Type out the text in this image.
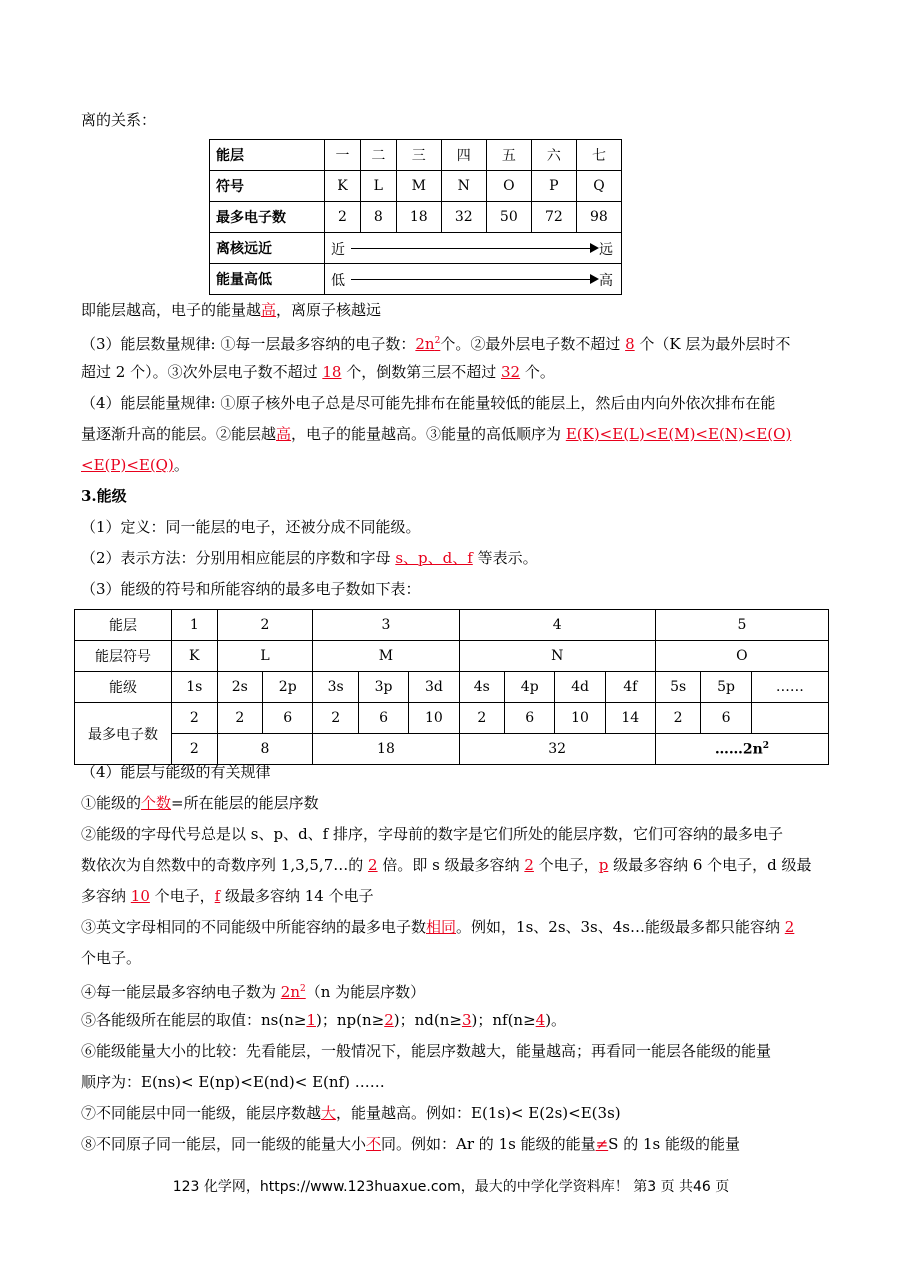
离的关系：
能层	一	二	三	四	五	六	七
符号	K	L	M	N	O	P	Q
最多电子数	2	8	18	32	50	72	98
离核远近	近 远						

能量高低	低 高						
即能层越高，电子的能量越高，离原子核越远
（3）能层数量规律: ①每一层最多容纳的电子数：$2n^2$个。②最外层电子数不超过 8 个（K 层为最外层时不
超过 2 个）。③次外层电子数不超过 18 个，倒数第三层不超过 32 个。
（4）能层能量规律: ①原子核外电子总是尽可能先排布在能量较低的能层上，然后由内向外依次排布在能
量逐渐升高的能层。②能层越高，电子的能量越高。③能量的高低顺序为 E(K)<E(L)<E(M)<E(N)<E(O)
<E(P)<E(Q)。
3.能级
（1）定义：同一能层的电子，还被分成不同能级。
（2）表示方法：分别用相应能层的序数和字母 s、p、d、f 等表示。
（3）能级的符号和所能容纳的最多电子数如下表：
能层	1	2		3			4				5		
能层符号	K	L		M			N				O		
能级	1s	2s	2p	3s	3p	3d	4s	4p	4d	4f	5s	5p	……
最多电子数	2	2	6	2	6	10	2	6	10	14	2	6	
	2	8		18			32				$\dots\dots 2n^2$
（4）能层与能级的有关规律
①能级的个数=所在能层的能层序数
②能级的字母代号总是以 s、p、d、f 排序，字母前的数字是它们所处的能层序数，它们可容纳的最多电子
数依次为自然数中的奇数序列 1,3,5,7…的 2 倍。即 s 级最多容纳 2 个电子，p 级最多容纳 6 个电子，d 级最
多容纳 10 个电子，f 级最多容纳 14 个电子
③英文字母相同的不同能级中所能容纳的最多电子数相同。例如，1s、2s、3s、4s…能级最多都只能容纳 2
个电子。
④每一能层最多容纳电子数为 $2n^2(n$ 为能层序数）
⑤各能级所在能层的取值：ns(n≥1)；np(n≥2)；nd(n≥3)；nf(n≥4)。
⑥能级能量大小的比较：先看能层，一般情况下，能层序数越大，能量越高；再看同一能层各能级的能量
顺序为：E(ns)< E(np)<E(nd)< E(nf) ……
⑦不同能层中同一能级，能层序数越大，能量越高。例如：E(1s)< E(2s)<E(3s)
⑧不同原子同一能层，同一能级的能量大小不同。例如：Ar 的 1s 能级的能量≠S 的 1s 能级的能量
123 化学网，https://www.123huaxue.com，最大的中学化学资料库！ 第3 页 共46 页
